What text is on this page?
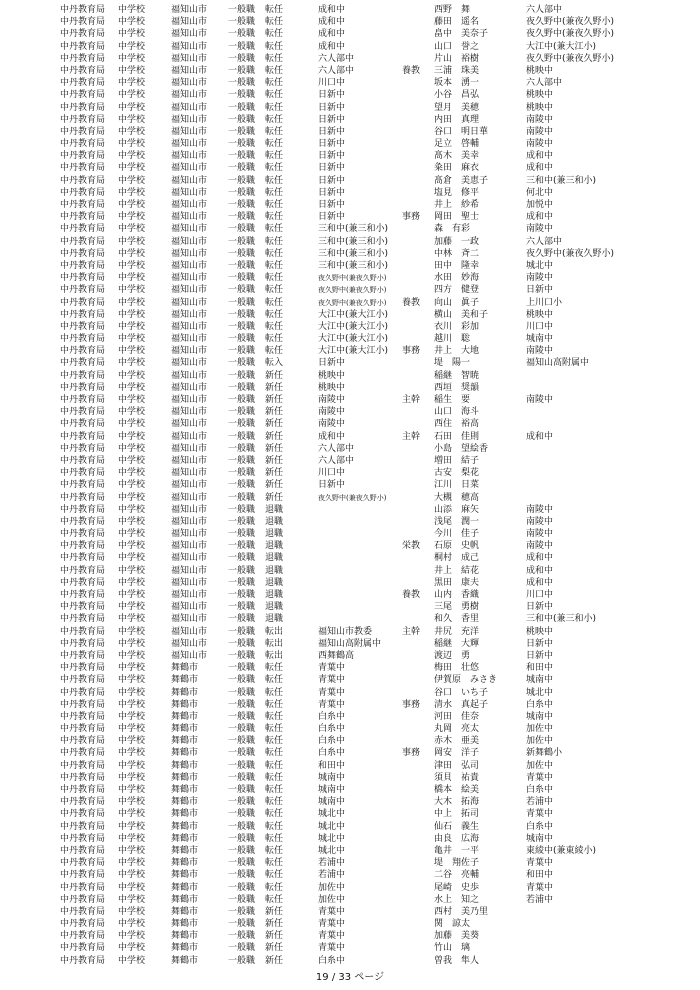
中丹教育局 中学校	福知山市 一般職 転任	成和中	西野　舞	六人部中
中丹教育局 中学校	福知山市 一般職 転任	成和中	藤田　遥名	夜久野中(兼夜久野小)
中丹教育局 中学校	福知山市 一般職 転任	成和中	畠中　美奈子	夜久野中(兼夜久野小)
中丹教育局 中学校	福知山市 一般職 転任	成和中	山口　誉之	大江中(兼大江小)
中丹教育局 中学校	福知山市 一般職 転任	六人部中	片山　裕樹	夜久野中(兼夜久野小)
中丹教育局 中学校	福知山市 一般職 転任	六人部中	養教 三浦　珠美	桃映中
中丹教育局 中学校	福知山市 一般職 転任	川口中	坂本　湧一	六人部中
中丹教育局 中学校	福知山市 一般職 転任	日新中	小谷　昌弘	桃映中
中丹教育局 中学校	福知山市 一般職 転任	日新中	望月　美穂	桃映中
中丹教育局 中学校	福知山市 一般職 転任	日新中	内田　真理	南陵中
中丹教育局 中学校	福知山市 一般職 転任	日新中	谷口　明日華	南陵中
中丹教育局 中学校	福知山市 一般職 転任	日新中	足立　啓輔	南陵中
中丹教育局 中学校	福知山市 一般職 転任	日新中	髙木　美幸	成和中
中丹教育局 中学校	福知山市 一般職 転任	日新中	粂田　麻衣	成和中
中丹教育局 中学校	福知山市 一般職 転任	日新中	髙倉　美恵子	三和中(兼三和小)
中丹教育局 中学校	福知山市 一般職 転任	日新中	塩見　修平	何北中
中丹教育局 中学校	福知山市 一般職 転任	日新中	井上　紗希	加悦中
中丹教育局 中学校	福知山市 一般職 転任	日新中	事務 岡田　聖士	成和中
中丹教育局 中学校	福知山市 一般職 転任	三和中(兼三和小)	森　有彩	南陵中
中丹教育局 中学校	福知山市 一般職 転任	三和中(兼三和小)	加藤　一政	六人部中
中丹教育局 中学校	福知山市 一般職 転任	三和中(兼三和小)	中林　斉二	夜久野中(兼夜久野小)
中丹教育局 中学校	福知山市 一般職 転任	三和中(兼三和小)	田中　隆幸	城北中
中丹教育局 中学校	福知山市 一般職 転任	夜久野中(兼夜久野小)	水田　妙海	南陵中
中丹教育局 中学校	福知山市 一般職 転任	夜久野中(兼夜久野小)	四方　健登	日新中
中丹教育局 中学校	福知山市 一般職 転任	夜久野中(兼夜久野小) 養教 向山　眞子	上川口小
中丹教育局 中学校	福知山市 一般職 転任	大江中(兼大江小)	横山　美和子	桃映中
中丹教育局 中学校	福知山市 一般職 転任	大江中(兼大江小)	衣川　彩加	川口中
中丹教育局 中学校	福知山市 一般職 転任	大江中(兼大江小)	越川　聡	城南中
中丹教育局 中学校	福知山市 一般職 転任	大江中(兼大江小) 事務 井上　大地	南陵中
中丹教育局 中学校	福知山市 一般職 転入	日新中	堤　陽一	福知山高附属中
中丹教育局 中学校	福知山市 一般職 新任	桃映中	稲継　智暁
中丹教育局 中学校	福知山市 一般職 新任	桃映中	西垣　奨韻
中丹教育局 中学校	福知山市 一般職 新任	南陵中	主幹 稲生　要	南陵中
中丹教育局 中学校	福知山市 一般職 新任	南陵中	山口　海斗
中丹教育局 中学校	福知山市 一般職 新任	南陵中	西住　裕高
中丹教育局 中学校	福知山市 一般職 新任	成和中	主幹 石田　佳則	成和中
中丹教育局 中学校	福知山市 一般職 新任	六人部中	小島　望絵香
中丹教育局 中学校	福知山市 一般職 新任	六人部中	増田　結子
中丹教育局 中学校	福知山市 一般職 新任	川口中	古安　梨花
中丹教育局 中学校	福知山市 一般職 新任	日新中	江川　日菜
中丹教育局 中学校	福知山市 一般職 新任	夜久野中(兼夜久野小)	大槻　穂高
中丹教育局 中学校	福知山市 一般職 退職	山添　麻矢	南陵中
中丹教育局 中学校	福知山市 一般職 退職	浅尾　潤一	南陵中
中丹教育局 中学校	福知山市 一般職 退職	今川　佳子	南陵中
中丹教育局 中学校	福知山市 一般職 退職	栄教 石原　史帆	南陵中
中丹教育局 中学校	福知山市 一般職 退職	桐村　成己	成和中
中丹教育局 中学校	福知山市 一般職 退職	井上　結花	成和中
中丹教育局 中学校	福知山市 一般職 退職	黒田　康夫	成和中
中丹教育局 中学校	福知山市 一般職 退職	養教 山内　香織	川口中
中丹教育局 中学校	福知山市 一般職 退職	三尾　勇樹	日新中
中丹教育局 中学校	福知山市 一般職 退職	和久　香里	三和中(兼三和小)
中丹教育局 中学校	福知山市 一般職 転出	福知山市教委	主幹 井尻　充洋	桃映中
中丹教育局 中学校	福知山市 一般職 転出	福知山高附属中	稲継　大輝	日新中
中丹教育局 中学校	福知山市 一般職 転出	西舞鶴高	渡辺　勇	日新中
中丹教育局 中学校	舞鶴市	一般職 転任	青葉中	梅田　壮悠	和田中
中丹教育局 中学校	舞鶴市	一般職 転任	青葉中	伊賀原　みさき	城南中
中丹教育局 中学校	舞鶴市	一般職 転任	青葉中	谷口　いち子	城北中
中丹教育局 中学校	舞鶴市	一般職 転任	青葉中	事務 清水　真起子	白糸中
中丹教育局 中学校	舞鶴市	一般職 転任	白糸中	河田　佳奈	城南中
中丹教育局 中学校	舞鶴市	一般職 転任	白糸中	丸岡　亮太	加佐中
中丹教育局 中学校	舞鶴市	一般職 転任	白糸中	赤木　亜美	加佐中
中丹教育局 中学校	舞鶴市	一般職 転任	白糸中	事務 岡安　洋子	新舞鶴小
中丹教育局 中学校	舞鶴市	一般職 転任	和田中	津田　弘司	加佐中
中丹教育局 中学校	舞鶴市	一般職 転任	城南中	須貝　祐貴	青葉中
中丹教育局 中学校	舞鶴市	一般職 転任	城南中	橋本　絵美	白糸中
中丹教育局 中学校	舞鶴市	一般職 転任	城南中	大木　拓海	若浦中
中丹教育局 中学校	舞鶴市	一般職 転任	城北中	中上　拓司	青葉中
中丹教育局 中学校	舞鶴市	一般職 転任	城北中	仙石　義生	白糸中
中丹教育局 中学校	舞鶴市	一般職 転任	城北中	由良　広海	城南中
中丹教育局 中学校	舞鶴市	一般職 転任	城北中	亀井　一平	東綾中(兼東綾小)
中丹教育局 中学校	舞鶴市	一般職 転任	若浦中	堤　翔佐子	青葉中
中丹教育局 中学校	舞鶴市	一般職 転任	若浦中	二谷　亮輔	和田中
中丹教育局 中学校	舞鶴市	一般職 転任	加佐中	尾崎　史歩	青葉中
中丹教育局 中学校	舞鶴市	一般職 転任	加佐中	水上　知之	若浦中
中丹教育局 中学校	舞鶴市	一般職 新任	青葉中	西村　美乃里
中丹教育局 中学校	舞鶴市	一般職 新任	青葉中	関　諒太
中丹教育局 中学校	舞鶴市	一般職 新任	青葉中	加藤　美葵
中丹教育局 中学校	舞鶴市	一般職 新任	青葉中	竹山　璃
中丹教育局 中学校	舞鶴市	一般職 新任	白糸中	曽我　隼人
19 / 33 ページ
